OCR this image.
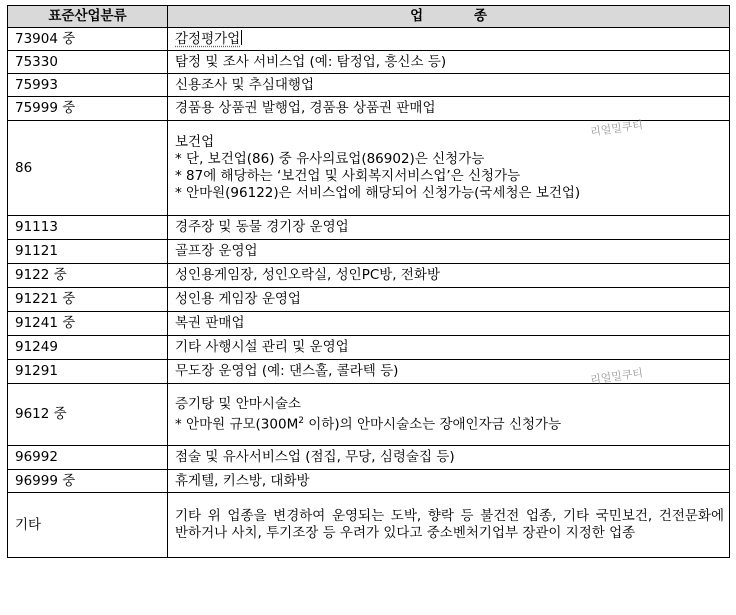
표준산업분류	업 종
73904 중	감정평가업
75330	탐정 및 조사 서비스업 (예: 탐정업, 흥신소 등)
75993	신용조사 및 추심대행업
75999 중	경품용 상품권 발행업, 경품용 상품권 판매업
86	보건업
* 단, 보건업(86) 중 유사의료업(86902)은 신청가능
* 87에 해당하는 ‘보건업 및 사회복지서비스업’은 신청가능
* 안마원(96122)은 서비스업에 해당되어 신청가능(국세청은 보건업)

91113	경주장 및 동물 경기장 운영업
91121	골프장 운영업
9122 중	성인용게임장, 성인오락실, 성인PC방, 전화방
91221 중	성인용 게임장 운영업
91241 중	복권 판매업
91249	기타 사행시설 관리 및 운영업
91291	무도장 운영업 (예: 댄스홀, 콜라텍 등)
9612 중	증기탕 및 안마시술소
* 안마원 규모($300M^2$ 이하)의 안마시술소는 장애인자금 신청가능

96992	점술 및 유사서비스업 (점집, 무당, 심령술집 등)
96999 중	휴게텔, 키스방, 대화방
기타	기타 위 업종을 변경하여 운영되는 도박, 향락 등 불건전 업종, 기타 국민보건, 건전문화에 반하거나 사치, 투기조장 등 우려가 있다고 중소벤처기업부 장관이 지정한 업종
리얼밀쿠티
리얼밀쿠티
